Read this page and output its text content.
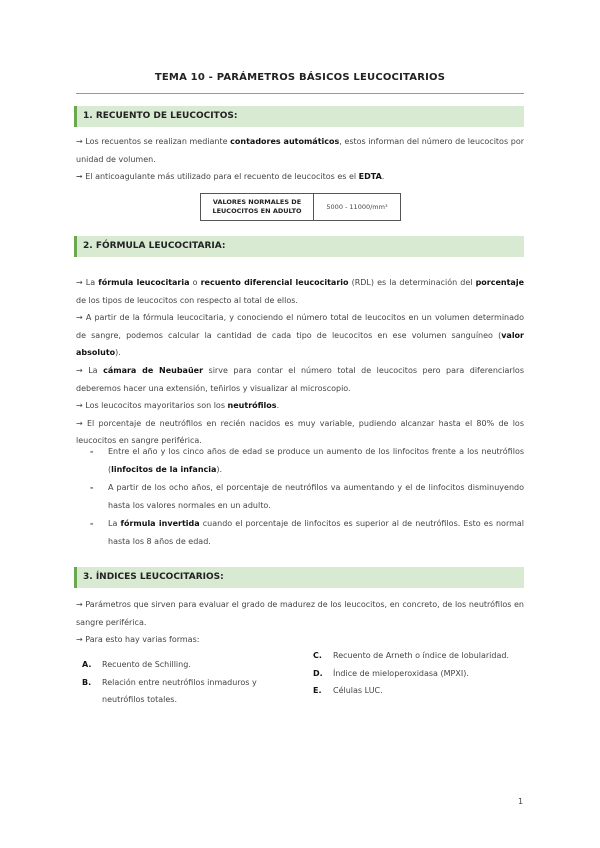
TEMA 10 - PARÁMETROS BÁSICOS LEUCOCITARIOS
1. RECUENTO DE LEUCOCITOS:
→ Los recuentos se realizan mediante contadores automáticos, estos informan del número de leucocitos por unidad de volumen.
➞ El anticoagulante más utilizado para el recuento de leucocitos es el EDTA.
VALORES NORMALES DE LEUCOCITOS EN ADULTO	5000 - 11000/mm³
2. FÓRMULA LEUCOCITARIA:
→ La fórmula leucocitaria o recuento diferencial leucocitario (RDL) es la determinación del porcentaje de los tipos de leucocitos con respecto al total de ellos.
→ A partir de la fórmula leucocitaria, y conociendo el número total de leucocitos en un volumen determinado de sangre, podemos calcular la cantidad de cada tipo de leucocitos en ese volumen sanguíneo (valor absoluto).
→ La cámara de Neubaüer sirve para contar el número total de leucocitos pero para diferenciarlos deberemos hacer una extensión, teñirlos y visualizar al microscopio.
→ Los leucocitos mayoritarios son los neutrófilos.
→ El porcentaje de neutrófilos en recién nacidos es muy variable, pudiendo alcanzar hasta el 80% de los leucocitos en sangre periférica.
- Entre el año y los cinco años de edad se produce un aumento de los linfocitos frente a los neutrófilos (linfocitos de la infancia).
- A partir de los ocho años, el porcentaje de neutrófilos va aumentando y el de linfocitos disminuyendo hasta los valores normales en un adulto.
- La fórmula invertida cuando el porcentaje de linfocitos es superior al de neutrófilos. Esto es normal hasta los 8 años de edad.
3. ÍNDICES LEUCOCITARIOS:
→ Parámetros que sirven para evaluar el grado de madurez de los leucocitos, en concreto, de los neutrófilos en sangre periférica.
→ Para esto hay varias formas:
A. Recuento de Schilling.
B. Relación entre neutrófilos inmaduros y neutrófilos totales.
C. Recuento de Arneth o índice de lobularidad.
D. Índice de mieloperoxidasa (MPXI).
E. Células LUC.
1
